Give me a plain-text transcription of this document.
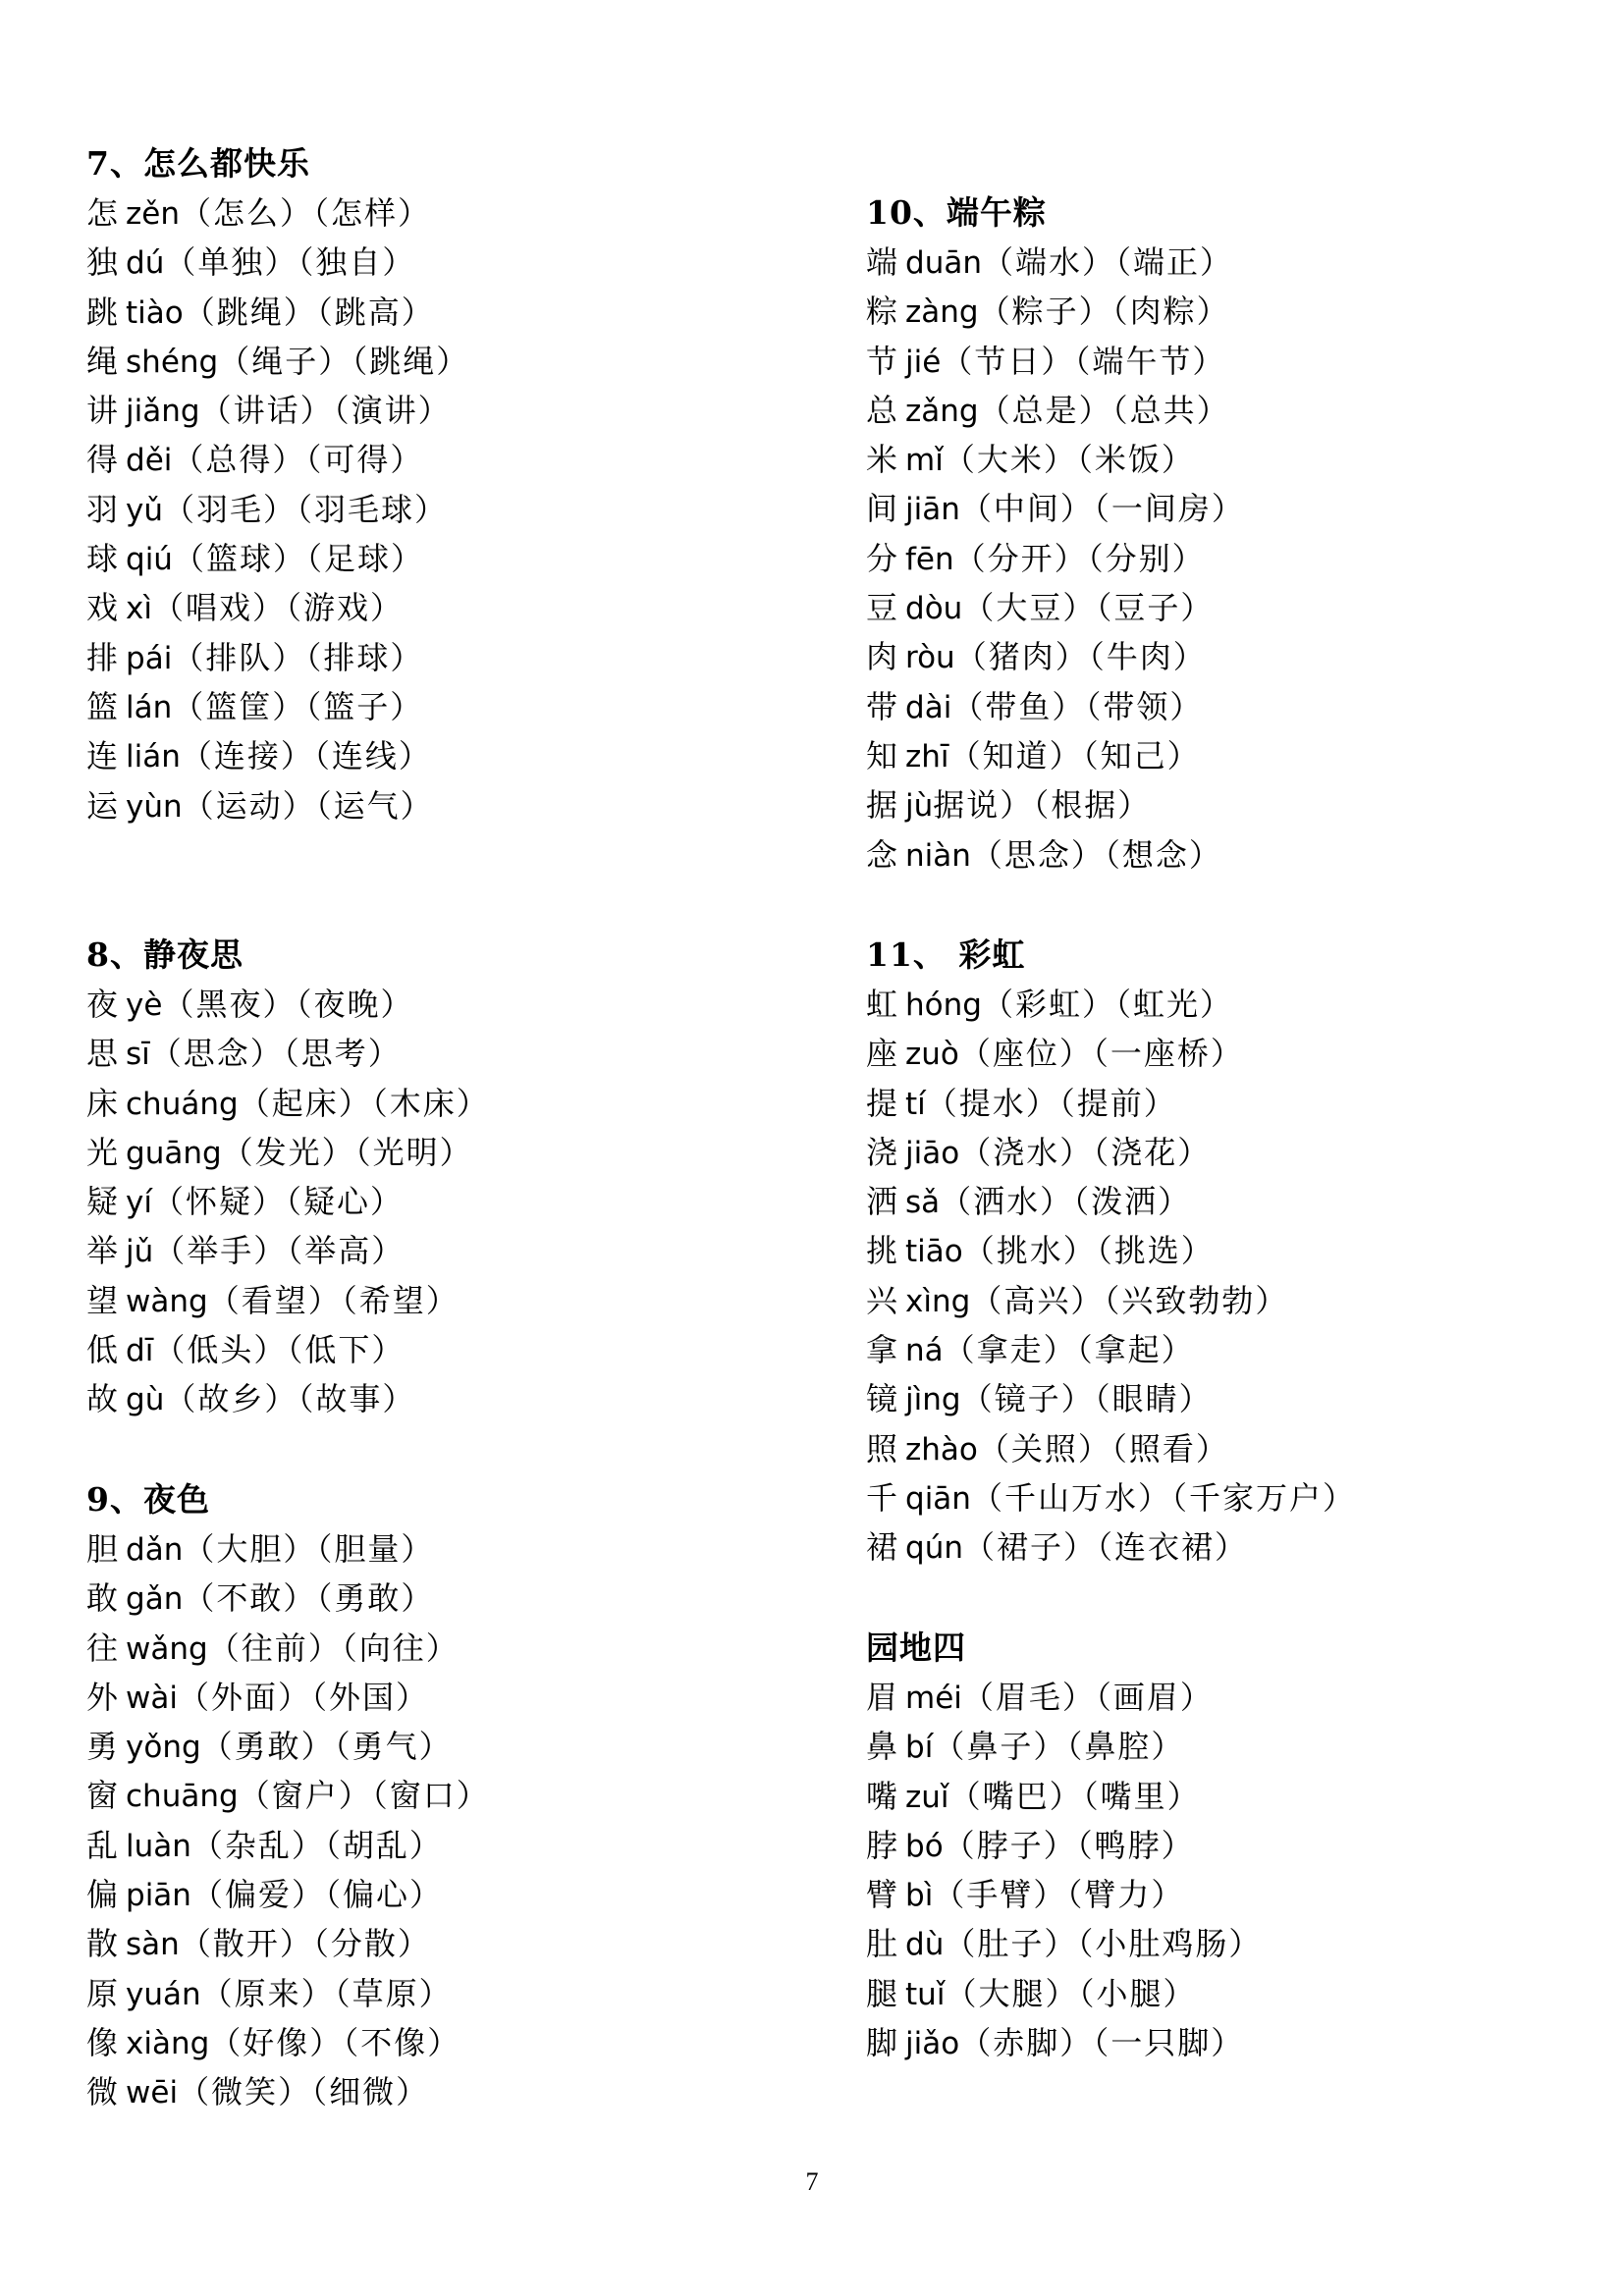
7、怎么都快乐
怎 zěn（怎么）（怎样）
独 dú（单独）（独自）
跳 tiào（跳绳）（跳高）
绳 shéng（绳子）（跳绳）
讲 jiǎng（讲话）（演讲）
得 děi（总得）（可得）
羽 yǔ（羽毛）（羽毛球）
球 qiú（篮球）（足球）
戏 xì（唱戏）（游戏）
排 pái（排队）（排球）
篮 lán（篮筐）（篮子）
连 lián（连接）（连线）
运 yùn（运动）（运气）
8、静夜思
夜 yè（黑夜）（夜晚）
思 sī（思念）（思考）
床 chuáng（起床）（木床）
光 guāng（发光）（光明）
疑 yí（怀疑）（疑心）
举 jǔ（举手）（举高）
望 wàng（看望）（希望）
低 dī（低头）（低下）
故 gù（故乡）（故事）
9、夜色
胆 dǎn（大胆）（胆量）
敢 gǎn（不敢）（勇敢）
往 wǎng（往前）（向往）
外 wài（外面）（外国）
勇 yǒng（勇敢）（勇气）
窗 chuāng（窗户）（窗口）
乱 luàn（杂乱）（胡乱）
偏 piān（偏爱）（偏心）
散 sàn（散开）（分散）
原 yuán（原来）（草原）
像 xiàng（好像）（不像）
微 wēi（微笑）（细微）
10、端午粽
端 duān（端水）（端正）
粽 zàng（粽子）（肉粽）
节 jié（节日）（端午节）
总 zǎng（总是）（总共）
米 mǐ（大米）（米饭）
间 jiān（中间）（一间房）
分 fēn（分开）（分别）
豆 dòu（大豆）（豆子）
肉 ròu（猪肉）（牛肉）
带 dài（带鱼）（带领）
知 zhī（知道）（知己）
据 jù据说）（根据）
念 niàn（思念）（想念）
11、 彩虹
虹 hóng（彩虹）（虹光）
座 zuò（座位）（一座桥）
提 tí（提水）（提前）
浇 jiāo（浇水）（浇花）
洒 sǎ（洒水）（泼洒）
挑 tiāo（挑水）（挑选）
兴 xìng（高兴）（兴致勃勃）
拿 ná（拿走）（拿起）
镜 jìng（镜子）（眼睛）
照 zhào（关照）（照看）
千 qiān（千山万水）（千家万户）
裙 qún（裙子）（连衣裙）
园地四
眉 méi（眉毛）（画眉）
鼻 bí（鼻子）（鼻腔）
嘴 zuǐ（嘴巴）（嘴里）
脖 bó（脖子）（鸭脖）
臂 bì（手臂）（臂力）
肚 dù（肚子）（小肚鸡肠）
腿 tuǐ（大腿）（小腿）
脚 jiǎo（赤脚）（一只脚）
7
